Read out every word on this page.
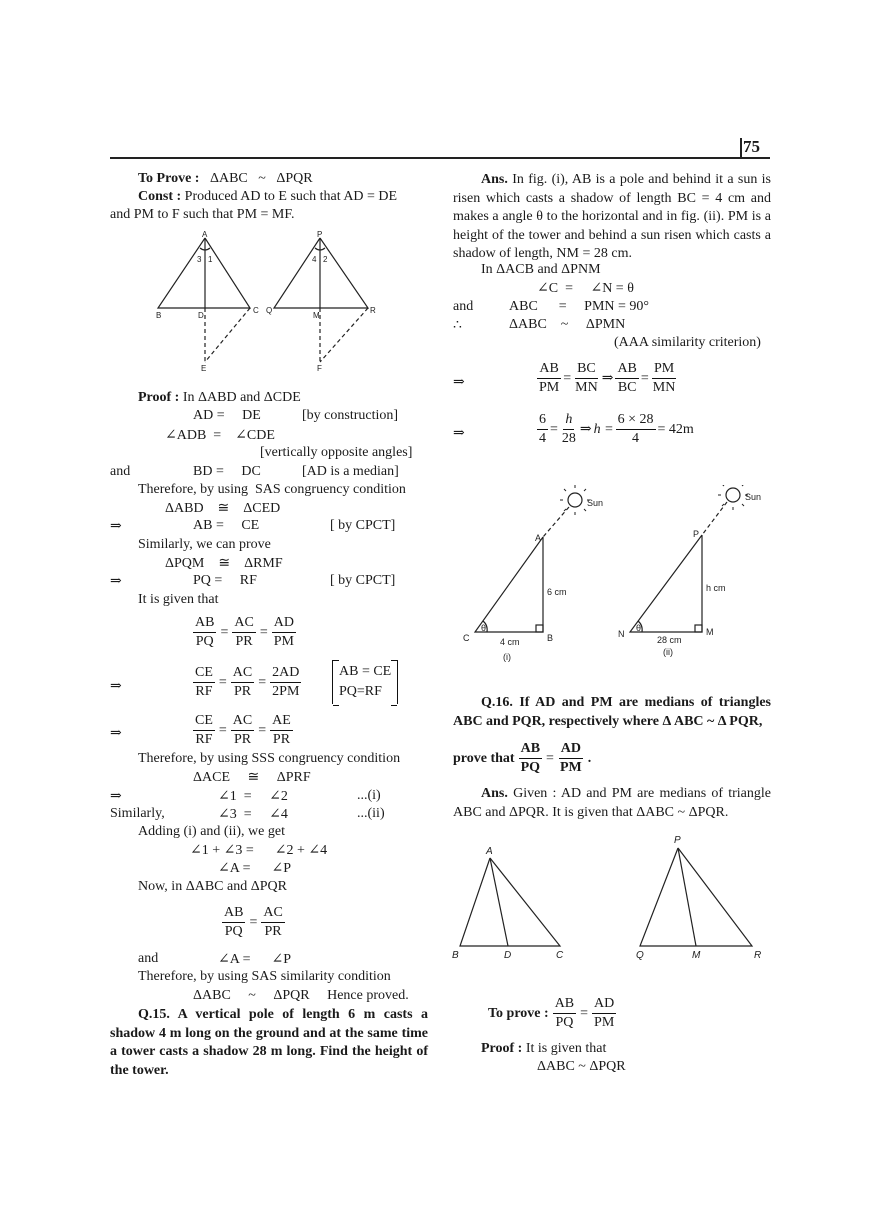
75
To Prove : ΔABC   ~   ΔPQR
Const : Produced AD to E such that AD = DE
and PM to F such that PM = MF.
A
B
C
D
E
3 1
P
Q	R
M
F
4 2
Proof : In ΔABD and ΔCDE
AD =     DE	[by construction]
∠ADB  =    ∠CDE
[vertically opposite angles]
and	BD =     DC	[AD is a median]
Therefore, by using  SAS congruency condition
ΔABD    ≅    ΔCED
⇒	AB =     CE	[ by CPCT]
Similarly, we can prove
ΔPQM    ≅    ΔRMF
⇒	PQ =     RF	[ by CPCT]
It is given that
$\frac{AB}{PQ} = \frac{AC}{PR} = \frac{AD}{PM}$
⇒	$\frac{CE}{RF} = \frac{AC}{PR} = \frac{2AD}{2PM}$	AB = CE
PQ=RF
⇒	$\frac{CE}{RF} = \frac{AC}{PR} = \frac{AE}{PR}$
Therefore, by using SSS congruency condition
ΔACE     ≅     ΔPRF
⇒	∠1  =     ∠2	...(i)
Similarly,	∠3  =     ∠4	...(ii)
Adding (i) and (ii), we get
∠1 + ∠3 =      ∠2 + ∠4
∠A =      ∠P
Now, in ΔABC and ΔPQR
$\frac{AB}{PQ} = \frac{AC}{PR}$
and	∠A =      ∠P
Therefore, by using SAS similarity condition
ΔABC     ~     ΔPQR     Hence proved.
Q.15. A vertical pole of length 6 m casts a shadow 4 m long on the ground and at the same time a tower casts a shadow 28 m long. Find the height of the tower.
Ans. In fig. (i), AB is a pole and behind it a sun is risen which casts a shadow of length BC = 4 cm and makes a angle θ to the horizontal and in fig. (ii). PM is a height of the tower and behind a sun risen which casts a shadow of length, NM = 28 cm.
In ΔACB and ΔPNM
∠C  =     ∠N = θ
and	ABC      =     PMN = 90°
∴	ΔABC    ~     ΔPMN
(AAA similarity criterion)
⇒	$\frac{AB}{PM} = \frac{BC}{MN}$ ⇒ $\frac{AB}{BC} = \frac{PM}{MN}$
⇒	$\frac{6}{4} = \frac{h}{28}$ ⇒ $h = \frac{6 \times 28}{4} = 42m$
Sun
A
B
C
6 cm
4 cm
(i)
θ
Sun
P
M
N
h cm
28 cm
(ii)
θ
Q.16. If AD and PM are medians of triangles ABC and PQR, respectively where Δ ABC ~ Δ PQR,
prove that $\frac{AB}{PQ} = \frac{AD}{PM}$ .
Ans. Given : AD and PM are medians of triangle ABC and ΔPQR. It is given that ΔABC ~ ΔPQR.
A
B	C
D
P
Q	R
M
To prove : $\frac{AB}{PQ} = \frac{AD}{PM}$
Proof : It is given that
ΔABC ~ ΔPQR
